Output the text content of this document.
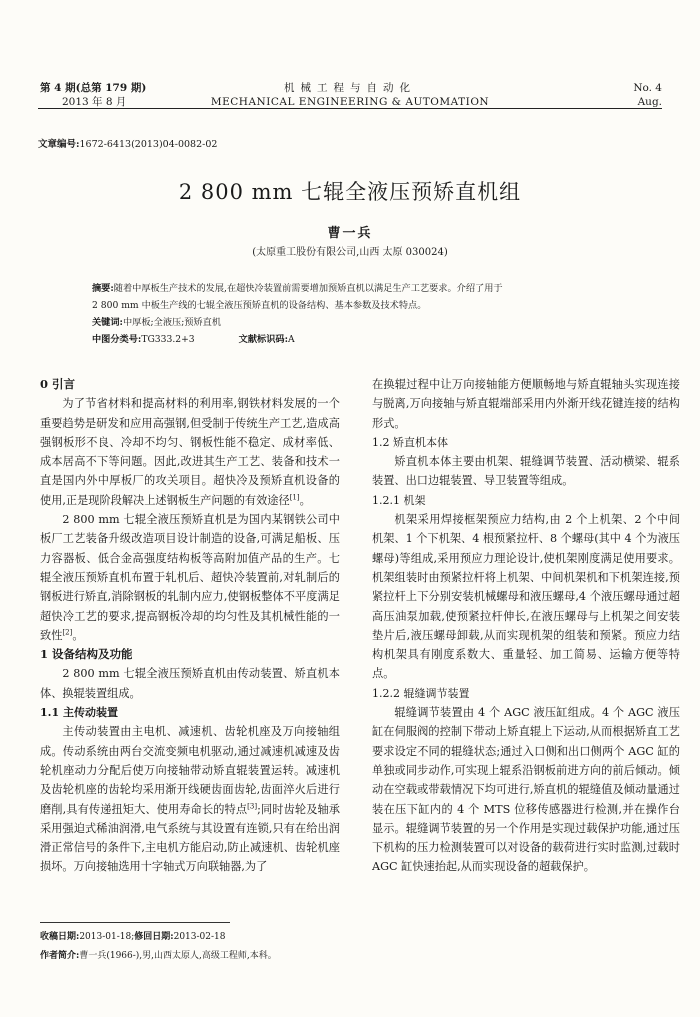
第 4 期(总第 179 期)
2013 年 8 月
机械工程与自动化
MECHANICAL ENGINEERING & AUTOMATION
No. 4
Aug.
文章编号:1672-6413(2013)04-0082-02
2 800 mm 七辊全液压预矫直机组
曹一兵
(太原重工股份有限公司,山西 太原 030024)
摘要:随着中厚板生产技术的发展,在超快冷装置前需要增加预矫直机以满足生产工艺要求。介绍了用于
2 800 mm 中板生产线的七辊全液压预矫直机的设备结构、基本参数及技术特点。
关键词:中厚板;全液压;预矫直机
中图分类号:TG333.2+3	文献标识码:A
0 引言

为了节省材料和提高材料的利用率,钢铁材料发展的一个重要趋势是研发和应用高强钢,但受制于传统生产工艺,造成高强钢板形不良、冷却不均匀、钢板性能不稳定、成材率低、成本居高不下等问题。因此,改进其生产工艺、装备和技术一直是国内外中厚板厂的攻关项目。超快冷及预矫直机设备的使用,正是现阶段解决上述钢板生产问题的有效途径[1]。

2 800 mm 七辊全液压预矫直机是为国内某钢铁公司中板厂工艺装备升级改造项目设计制造的设备,可满足船板、压力容器板、低合金高强度结构板等高附加值产品的生产。七辊全液压预矫直机布置于轧机后、超快冷装置前,对轧制后的钢板进行矫直,消除钢板的轧制内应力,使钢板整体不平度满足超快冷工艺的要求,提高钢板冷却的均匀性及其机械性能的一致性[2]。

1 设备结构及功能

2 800 mm 七辊全液压预矫直机由传动装置、矫直机本体、换辊装置组成。

1.1 主传动装置

主传动装置由主电机、减速机、齿轮机座及万向接轴组成。传动系统由两台交流变频电机驱动,通过减速机减速及齿轮机座动力分配后使万向接轴带动矫直辊装置运转。减速机及齿轮机座的齿轮均采用渐开线硬齿面齿轮,齿面淬火后进行磨削,具有传递扭矩大、使用寿命长的特点[3];同时齿轮及轴承采用强迫式稀油润滑,电气系统与其设置有连锁,只有在给出润滑正常信号的条件下,主电机方能启动,防止减速机、齿轮机座损坏。万向接轴选用十字轴式万向联轴器,为了

在换辊过程中让万向接轴能方便顺畅地与矫直辊轴头实现连接与脱离,万向接轴与矫直辊端部采用内外渐开线花键连接的结构形式。

1.2 矫直机本体

矫直机本体主要由机架、辊缝调节装置、活动横梁、辊系装置、出口边辊装置、导卫装置等组成。

1.2.1 机架

机架采用焊接框架预应力结构,由 2 个上机架、2 个中间机架、1 个下机架、4 根预紧拉杆、8 个螺母(其中 4 个为液压螺母)等组成,采用预应力理论设计,使机架刚度满足使用要求。机架组装时由预紧拉杆将上机架、中间机架机和下机架连接,预紧拉杆上下分别安装机械螺母和液压螺母,4 个液压螺母通过超高压油泵加载,使预紧拉杆伸长,在液压螺母与上机架之间安装垫片后,液压螺母卸载,从而实现机架的组装和预紧。预应力结构机架具有刚度系数大、重量轻、加工简易、运输方便等特点。

1.2.2 辊缝调节装置

辊缝调节装置由 4 个 AGC 液压缸组成。4 个 AGC 液压缸在伺服阀的控制下带动上矫直辊上下运动,从而根据矫直工艺要求设定不同的辊缝状态;通过入口侧和出口侧两个 AGC 缸的单独或同步动作,可实现上辊系沿钢板前进方向的前后倾动。倾动在空载或带载情况下均可进行,矫直机的辊缝值及倾动量通过装在压下缸内的 4 个 MTS 位移传感器进行检测,并在操作台显示。辊缝调节装置的另一个作用是实现过载保护功能,通过压下机构的压力检测装置可以对设备的载荷进行实时监测,过载时 AGC 缸快速抬起,从而实现设备的超载保护。

收稿日期:2013-01-18;修回日期:2013-02-18
作者简介:曹一兵(1966-),男,山西太原人,高级工程师,本科。
